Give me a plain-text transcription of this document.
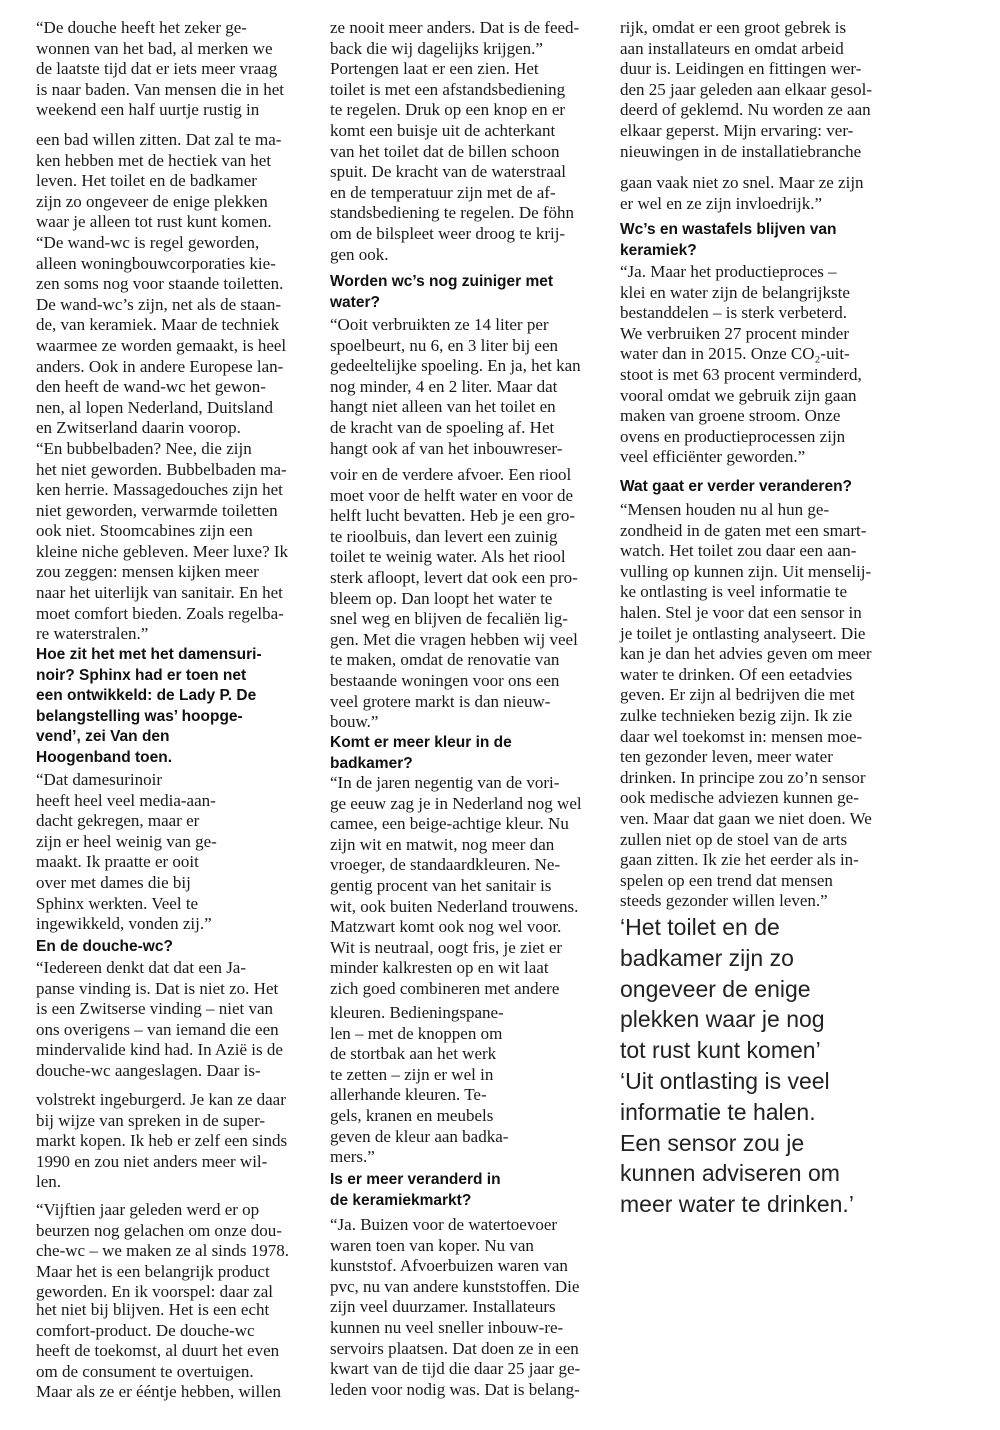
“De douche heeft het zeker ge-
wonnen van het bad, al merken we
de laatste tijd dat er iets meer vraag
is naar baden. Van mensen die in het
weekend een half uurtje rustig in
een bad willen zitten. Dat zal te ma-
ken hebben met de hectiek van het
leven. Het toilet en de badkamer
zijn zo ongeveer de enige plekken
waar je alleen tot rust kunt komen.
“De wand-wc is regel geworden,
alleen woningbouwcorporaties kie-
zen soms nog voor staande toiletten.
De wand-wc’s zijn, net als de staan-
de, van keramiek. Maar de techniek
waarmee ze worden gemaakt, is heel
anders. Ook in andere Europese lan-
den heeft de wand-wc het gewon-
nen, al lopen Nederland, Duitsland
en Zwitserland daarin voorop.
“En bubbelbaden? Nee, die zijn
het niet geworden. Bubbelbaden ma-
ken herrie. Massagedouches zijn het
niet geworden, verwarmde toiletten
ook niet. Stoomcabines zijn een
kleine niche gebleven. Meer luxe? Ik
zou zeggen: mensen kijken meer
naar het uiterlijk van sanitair. En het
moet comfort bieden. Zoals regelba-
re waterstralen.”
Hoe zit het met het damensuri-
noir? Sphinx had er toen net
een ontwikkeld: de Lady P. De
belangstelling was’ hoopge-
vend’, zei Van den
Hoogenband toen.
“Dat damesurinoir
heeft heel veel media-aan-
dacht gekregen, maar er
zijn er heel weinig van ge-
maakt. Ik praatte er ooit
over met dames die bij
Sphinx werkten. Veel te
ingewikkeld, vonden zij.”
En de douche-wc?
“Iedereen denkt dat dat een Ja-
panse vinding is. Dat is niet zo. Het
is een Zwitserse vinding – niet van
ons overigens – van iemand die een
mindervalide kind had. In Azië is de
douche-wc aangeslagen. Daar is-
volstrekt ingeburgerd. Je kan ze daar
bij wijze van spreken in de super-
markt kopen. Ik heb er zelf een sinds
1990 en zou niet anders meer wil-
len.
“Vijftien jaar geleden werd er op
beurzen nog gelachen om onze dou-
che-wc – we maken ze al sinds 1978.
Maar het is een belangrijk product
geworden. En ik voorspel: daar zal
het niet bij blijven. Het is een echt
comfort-product. De douche-wc
heeft de toekomst, al duurt het even
om de consument te overtuigen.
Maar als ze er ééntje hebben, willen
ze nooit meer anders. Dat is de feed-
back die wij dagelijks krijgen.”
Portengen laat er een zien. Het
toilet is met een afstandsbediening
te regelen. Druk op een knop en er
komt een buisje uit de achterkant
van het toilet dat de billen schoon
spuit. De kracht van de waterstraal
en de temperatuur zijn met de af-
standsbediening te regelen. De föhn
om de bilspleet weer droog te krij-
gen ook.
Worden wc’s nog zuiniger met
water?
“Ooit verbruikten ze 14 liter per
spoelbeurt, nu 6, en 3 liter bij een
gedeeltelijke spoeling. En ja, het kan
nog minder, 4 en 2 liter. Maar dat
hangt niet alleen van het toilet en
de kracht van de spoeling af. Het
hangt ook af van het inbouwreser-
voir en de verdere afvoer. Een riool
moet voor de helft water en voor de
helft lucht bevatten. Heb je een gro-
te rioolbuis, dan levert een zuinig
toilet te weinig water. Als het riool
sterk afloopt, levert dat ook een pro-
bleem op. Dan loopt het water te
snel weg en blijven de fecaliën lig-
gen. Met die vragen hebben wij veel
te maken, omdat de renovatie van
bestaande woningen voor ons een
veel grotere markt is dan nieuw-
bouw.”
Komt er meer kleur in de
badkamer?
“In de jaren negentig van de vori-
ge eeuw zag je in Nederland nog wel
camee, een beige-achtige kleur. Nu
zijn wit en matwit, nog meer dan
vroeger, de standaardkleuren. Ne-
gentig procent van het sanitair is
wit, ook buiten Nederland trouwens.
Matzwart komt ook nog wel voor.
Wit is neutraal, oogt fris, je ziet er
minder kalkresten op en wit laat
zich goed combineren met andere
kleuren. Bedieningspane-
len – met de knoppen om
de stortbak aan het werk
te zetten – zijn er wel in
allerhande kleuren. Te-
gels, kranen en meubels
geven de kleur aan badka-
mers.”
Is er meer veranderd in
de keramiekmarkt?
“Ja. Buizen voor de watertoevoer
waren toen van koper. Nu van
kunststof. Afvoerbuizen waren van
pvc, nu van andere kunststoffen. Die
zijn veel duurzamer. Installateurs
kunnen nu veel sneller inbouw-re-
servoirs plaatsen. Dat doen ze in een
kwart van de tijd die daar 25 jaar ge-
leden voor nodig was. Dat is belang-
rijk, omdat er een groot gebrek is
aan installateurs en omdat arbeid
duur is. Leidingen en fittingen wer-
den 25 jaar geleden aan elkaar gesol-
deerd of geklemd. Nu worden ze aan
elkaar geperst. Mijn ervaring: ver-
nieuwingen in de installatiebranche
gaan vaak niet zo snel. Maar ze zijn
er wel en ze zijn invloedrijk.”
Wc’s en wastafels blijven van
keramiek?
“Ja. Maar het productieproces –
klei en water zijn de belangrijkste
bestanddelen – is sterk verbeterd.
We verbruiken 27 procent minder
water dan in 2015. Onze CO₂-uit-
stoot is met 63 procent verminderd,
vooral omdat we gebruik zijn gaan
maken van groene stroom. Onze
ovens en productieprocessen zijn
veel efficiënter geworden.”
Wat gaat er verder veranderen?
“Mensen houden nu al hun ge-
zondheid in de gaten met een smart-
watch. Het toilet zou daar een aan-
vulling op kunnen zijn. Uit menselij-
ke ontlasting is veel informatie te
halen. Stel je voor dat een sensor in
je toilet je ontlasting analyseert. Die
kan je dan het advies geven om meer
water te drinken. Of een eetadvies
geven. Er zijn al bedrijven die met
zulke technieken bezig zijn. Ik zie
daar wel toekomst in: mensen moe-
ten gezonder leven, meer water
drinken. In principe zou zo’n sensor
ook medische adviezen kunnen ge-
ven. Maar dat gaan we niet doen. We
zullen niet op de stoel van de arts
gaan zitten. Ik zie het eerder als in-
spelen op een trend dat mensen
steeds gezonder willen leven.”
‘Het toilet en de
badkamer zijn zo
ongeveer de enige
plekken waar je nog
tot rust kunt komen’
‘Uit ontlasting is veel
informatie te halen.
Een sensor zou je
kunnen adviseren om
meer water te drinken.’
